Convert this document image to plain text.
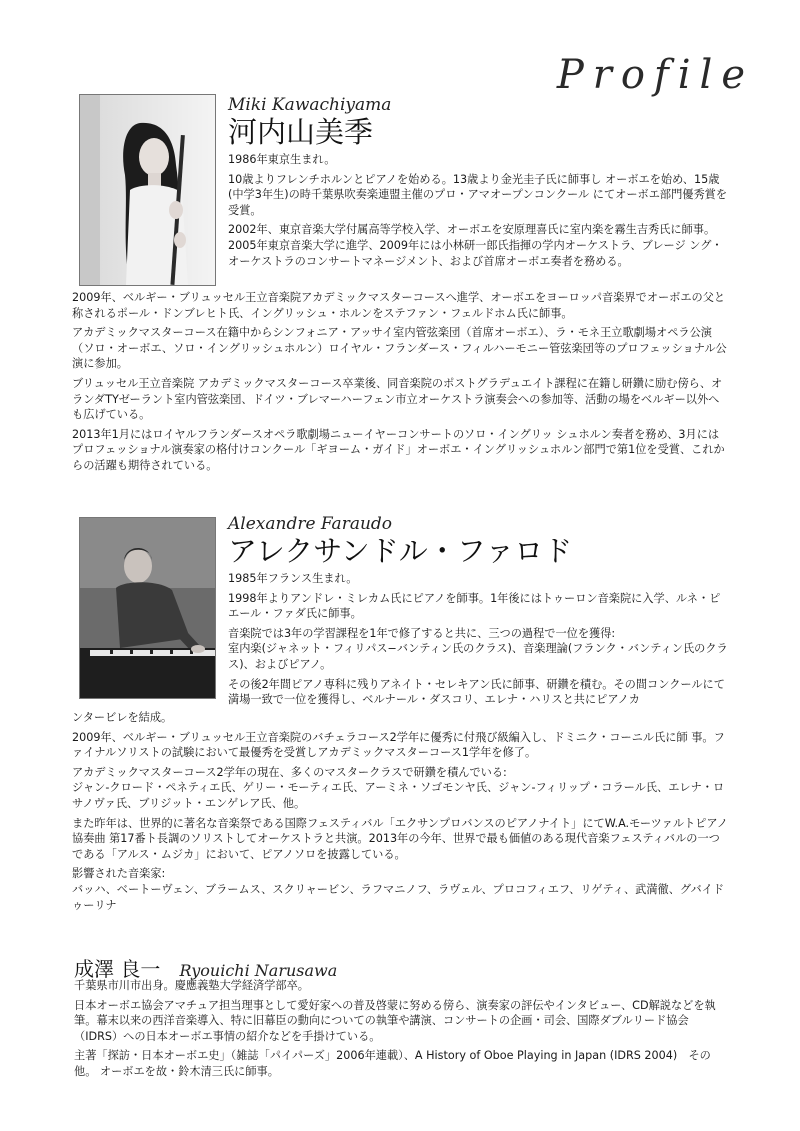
Profile
Miki Kawachiyama
河内山美季

1986年東京生まれ。

10歳よりフレンチホルンとピアノを始める。13歳より金光圭子氏に師事し オーボエを始め、15歳(中学3年生)の時千葉県吹奏楽連盟主催のプロ・アマオープンコンクール にてオーボエ部門優秀賞を受賞。

2002年、東京音楽大学付属高等学校入学、オーボエを安原理喜氏に室内楽を霧生吉秀氏に師事。2005年東京音楽大学に進学、2009年には小林研一郎氏指揮の学内オーケストラ、ブレージ ング・オーケストラのコンサートマネージメント、および首席オーボエ奏者を務める。

2009年、ベルギー・ブリュッセル王立音楽院アカデミックマスターコースへ進学、オーボエをヨーロッパ音楽界でオーボエの父と称されるポール・ドンブレヒト氏、イングリッシュ・ホルンをステファン・フェルドホム氏に師事。

アカデミックマスターコース在籍中からシンフォニア・アッサイ室内管弦楽団（首席オーボエ）、ラ・モネ王立歌劇場オペラ公演（ソロ・オーボエ、ソロ・イングリッシュホルン）ロイヤル・フランダース・フィルハーモニー管弦楽団等のプロフェッショナル公演に参加。

ブリュッセル王立音楽院 アカデミックマスターコース卒業後、同音楽院のポストグラデュエイト課程に在籍し研鑽に励む傍ら、オランダTYゼーラント室内管弦楽団、ドイツ・ブレマーハーフェン市立オーケストラ演奏会への参加等、活動の場をベルギー以外へも広げている。

2013年1月にはロイヤルフランダースオペラ歌劇場ニューイヤーコンサートのソロ・イングリッ シュホルン奏者を務め、3月にはプロフェッショナル演奏家の格付けコンクール「ギヨーム・ガイド」オーボエ・イングリッシュホルン部門で第1位を受賞、これからの活躍も期待されている。

Alexandre Faraudo
アレクサンドル・ファロド

1985年フランス生まれ。

1998年よりアンドレ・ミレカム氏にピアノを師事。1年後にはトゥーロン音楽院に入学、ルネ・ピエール・ファダ氏に師事。

音楽院では3年の学習課程を1年で修了すると共に、三つの過程で一位を獲得:
室内楽(ジャネット・フィリパス−バンティン氏のクラス)、音楽理論(フランク・バンティン氏のクラス)、およびピアノ。

その後2年間ピアノ専科に残りアネイト・セレキアン氏に師事、研鑽を積む。その間コンクールにて満場一致で一位を獲得し、ベルナール・ダスコリ、エレナ・ハリスと共にピアノカ

ンタービレを結成。

2009年、ベルギー・ブリュッセル王立音楽院のバチェラコース2学年に優秀に付飛び級編入し、ドミニク・コーニル氏に師 事。ファイナルソリストの試験において最優秀を受賞しアカデミックマスターコース1学年を修了。

アカデミックマスターコース2学年の現在、多くのマスタークラスで研鑽を積んでいる:
ジャン-クロード・ペネティエ氏、ゲリー・モーティエ氏、アーミネ・ソゴモンヤ氏、ジャン-フィリップ・コラール氏、エレナ・ロサノヴァ氏、ブリジット・エンゲレア氏、他。

また昨年は、世界的に著名な音楽祭である国際フェスティバル「エクサンプロバンスのピアノナイト」にてW.A.モーツァルトピアノ協奏曲 第17番ト長調のソリストしてオーケストラと共演。2013年の今年、世界で最も価値のある現代音楽フェスティバルの一つである「アルス・ムジカ」において、ピアノソロを披露している。

影響された音楽家:
バッハ、ベートーヴェン、ブラームス、スクリャービン、ラフマニノフ、ラヴェル、プロコフィエフ、リゲティ、武満徹、グバイドゥーリナ

成澤 良一 Ryouichi Narusawa

千葉県市川市出身。慶應義塾大学経済学部卒。

日本オーボエ協会アマチュア担当理事として愛好家への普及啓蒙に努める傍ら、演奏家の評伝やインタビュー、CD解説などを執筆。幕末以来の西洋音楽導入、特に旧幕臣の動向についての執筆や講演、コンサートの企画・司会、国際ダブルリード協会（IDRS）への日本オーボエ事情の紹介などを手掛けている。

主著「探訪・日本オーボエ史」（雑誌「パイパーズ」2006年連載）、A History of Oboe Playing in Japan (IDRS 2004)　その他。 オーボエを故・鈴木清三氏に師事。
